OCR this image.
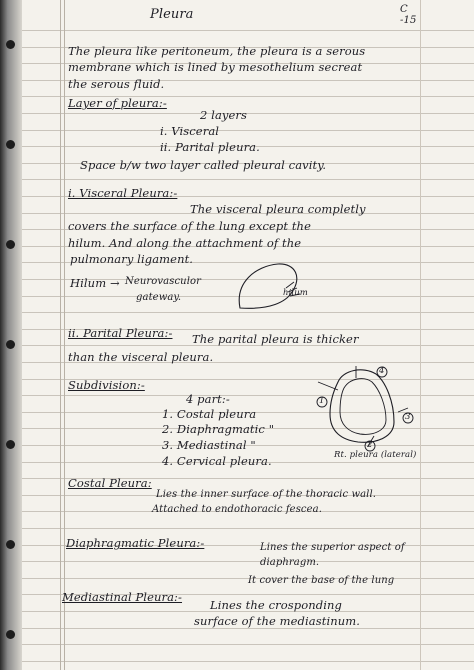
Pleura	C
-15
The pleura like peritoneum, the pleura is a serous
membrane which is lined by mesothelium secreat
the serous fluid.
Layer of pleura:-
2 layers
i. Visceral
ii. Parital pleura.
Space b/w two layer called pleural cavity.
i. Visceral Pleura:-
The visceral pleura completly
covers the surface of the lung except the
hilum. And along the attachment of the
pulmonary ligament.
Hilum → Neurovasculor
gateway.	hilum
ii. Parital Pleura:- The parital pleura is thicker
than the visceral pleura.
Subdivision:-
4 part:-
1. Costal pleura
2. Diaphragmatic "
3. Mediastinal "
4. Cervical pleura.
1
4
3
2
Rt. pleura (lateral)
Costal Pleura:
Lies the inner surface of the thoracic wall.
Attached to endothoracic fescea.
Diaphragmatic Pleura:-	Lines the superior aspect of
diaphragm.
It cover the base of the lung
Mediastinal Pleura:-
Lines the crosponding
surface of the mediastinum.
